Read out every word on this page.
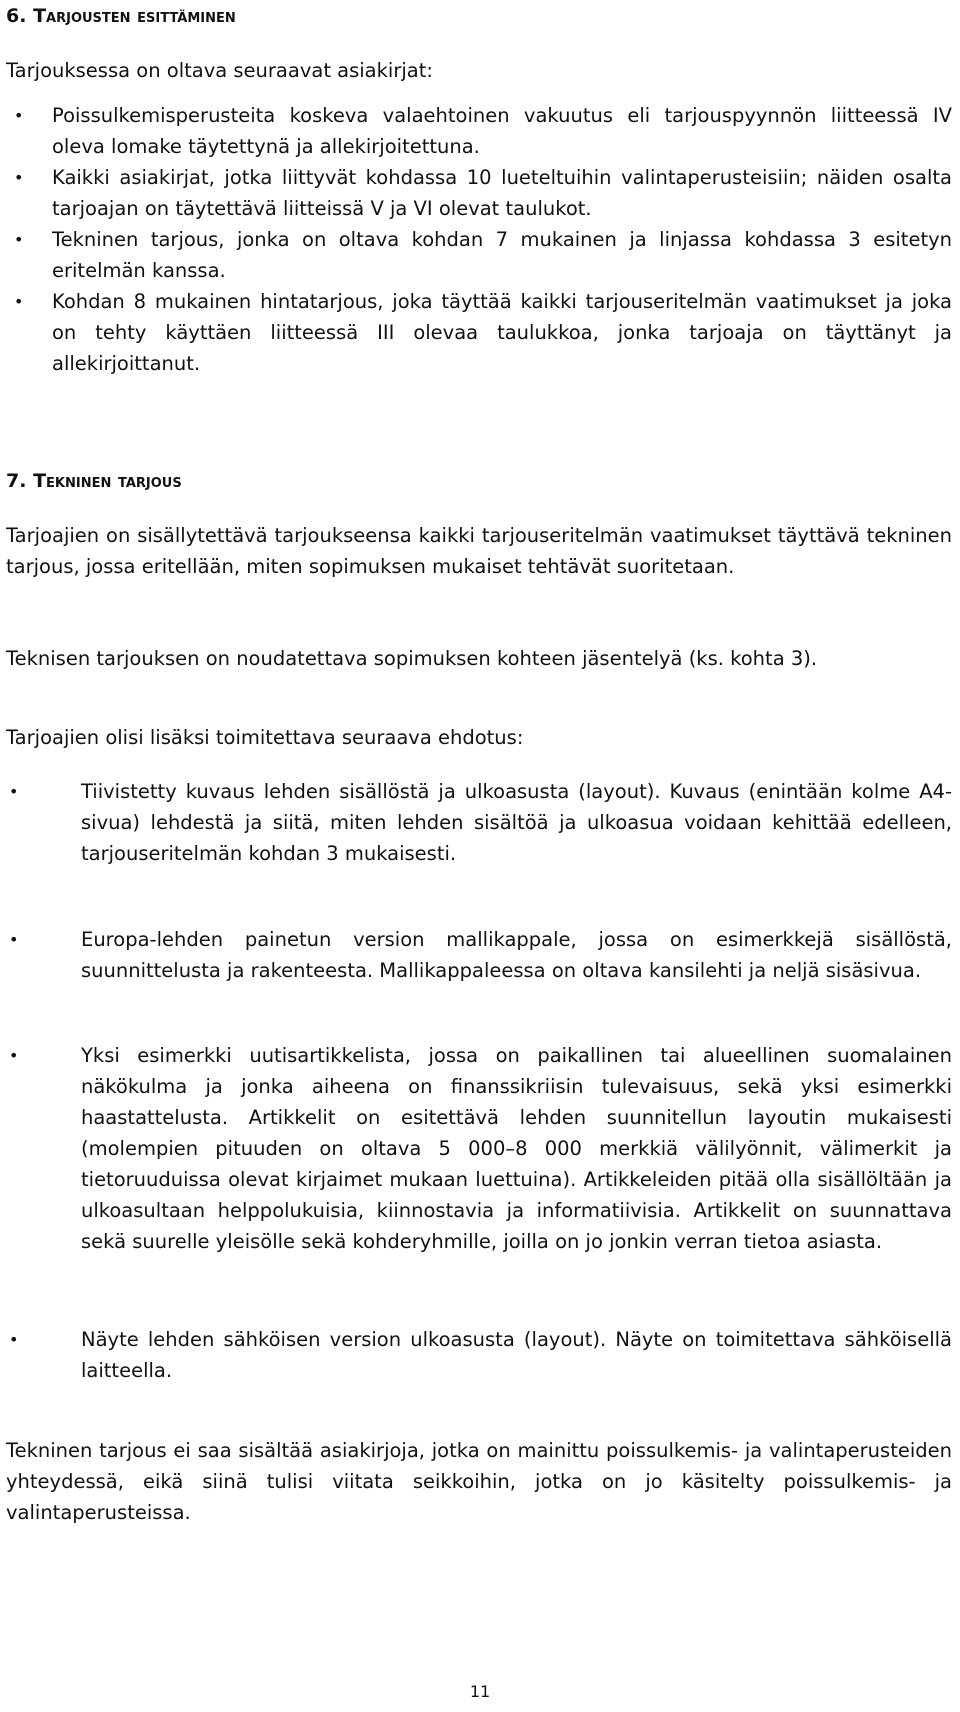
6. Tarjousten esittäminen

Tarjouksessa on oltava seuraavat asiakirjat:

• Poissulkemisperusteita koskeva valaehtoinen vakuutus eli tarjouspyynnön liitteessä IV oleva lomake täytettynä ja allekirjoitettuna.
• Kaikki asiakirjat, jotka liittyvät kohdassa 10 lueteltuihin valintaperusteisiin; näiden osalta tarjoajan on täytettävä liitteissä V ja VI olevat taulukot.
• Tekninen tarjous, jonka on oltava kohdan 7 mukainen ja linjassa kohdassa 3 esitetyn eritelmän kanssa.
• Kohdan 8 mukainen hintatarjous, joka täyttää kaikki tarjouseritelmän vaatimukset ja joka on tehty käyttäen liitteessä III olevaa taulukkoa, jonka tarjoaja on täyttänyt ja allekirjoittanut.
7. Tekninen tarjous

Tarjoajien on sisällytettävä tarjoukseensa kaikki tarjouseritelmän vaatimukset täyttävä tekninen tarjous, jossa eritellään, miten sopimuksen mukaiset tehtävät suoritetaan.

Teknisen tarjouksen on noudatettava sopimuksen kohteen jäsentelyä (ks. kohta 3).

Tarjoajien olisi lisäksi toimitettava seuraava ehdotus:

•	Tiivistetty kuvaus lehden sisällöstä ja ulkoasusta (layout). Kuvaus (enintään kolme A4-sivua) lehdestä ja siitä, miten lehden sisältöä ja ulkoasua voidaan kehittää edelleen, tarjouseritelmän kohdan 3 mukaisesti.
•	Europa-lehden painetun version mallikappale, jossa on esimerkkejä sisällöstä, suunnittelusta ja rakenteesta. Mallikappaleessa on oltava kansilehti ja neljä sisäsivua.
•	Yksi esimerkki uutisartikkelista, jossa on paikallinen tai alueellinen suomalainen näkökulma ja jonka aiheena on finanssikriisin tulevaisuus, sekä yksi esimerkki haastattelusta. Artikkelit on esitettävä lehden suunnitellun layoutin mukaisesti (molempien pituuden on oltava 5 000–8 000 merkkiä välilyönnit, välimerkit ja tietoruuduissa olevat kirjaimet mukaan luettuina). Artikkeleiden pitää olla sisällöltään ja ulkoasultaan helppolukuisia, kiinnostavia ja informatiivisia. Artikkelit on suunnattava sekä suurelle yleisölle sekä kohderyhmille, joilla on jo jonkin verran tietoa asiasta.
•	Näyte lehden sähköisen version ulkoasusta (layout). Näyte on toimitettava sähköisellä laitteella.

Tekninen tarjous ei saa sisältää asiakirjoja, jotka on mainittu poissulkemis- ja valintaperusteiden yhteydessä, eikä siinä tulisi viitata seikkoihin, jotka on jo käsitelty poissulkemis- ja valintaperusteissa.

11
